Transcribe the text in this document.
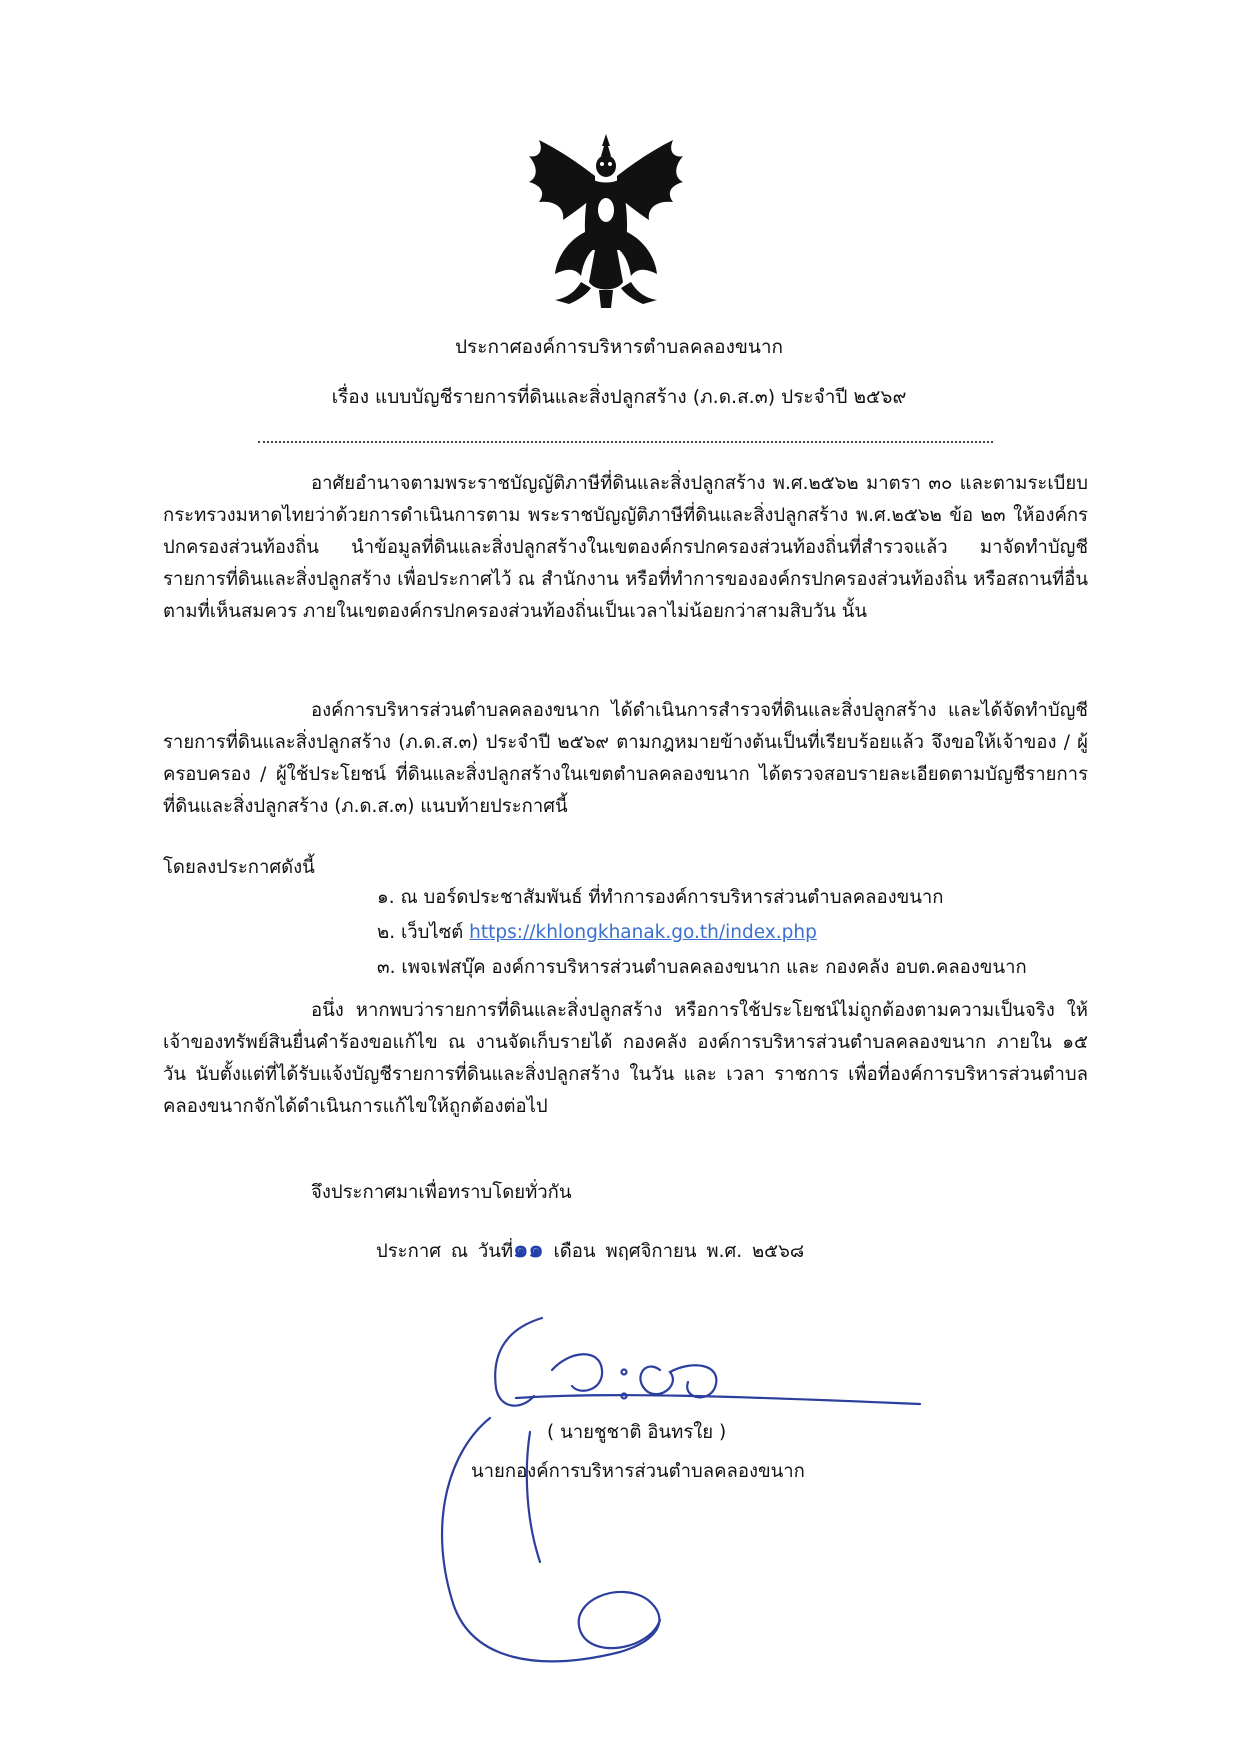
ประกาศองค์การบริหารตำบลคลองขนาก
เรื่อง แบบบัญชีรายการที่ดินและสิ่งปลูกสร้าง (ภ.ด.ส.๓) ประจำปี ๒๕๖๙

อาศัยอำนาจตามพระราชบัญญัติภาษีที่ดินและสิ่งปลูกสร้าง พ.ศ.๒๕๖๒ มาตรา ๓๐ และตามระเบียบกระทรวงมหาดไทยว่าด้วยการดำเนินการตาม พระราชบัญญัติภาษีที่ดินและสิ่งปลูกสร้าง พ.ศ.๒๕๖๒ ข้อ ๒๓ ให้องค์กรปกครองส่วนท้องถิ่น นำข้อมูลที่ดินและสิ่งปลูกสร้างในเขตองค์กรปกครองส่วนท้องถิ่นที่สำรวจแล้ว มาจัดทำบัญชีรายการที่ดินและสิ่งปลูกสร้าง เพื่อประกาศไว้ ณ สำนักงาน หรือที่ทำการขององค์กรปกครองส่วนท้องถิ่น หรือสถานที่อื่นตามที่เห็นสมควร ภายในเขตองค์กรปกครองส่วนท้องถิ่นเป็นเวลาไม่น้อยกว่าสามสิบวัน นั้น

องค์การบริหารส่วนตำบลคลองขนาก ได้ดำเนินการสำรวจที่ดินและสิ่งปลูกสร้าง และได้จัดทำบัญชีรายการที่ดินและสิ่งปลูกสร้าง (ภ.ด.ส.๓) ประจำปี ๒๕๖๙ ตามกฎหมายข้างต้นเป็นที่เรียบร้อยแล้ว จึงขอให้เจ้าของ / ผู้ครอบครอง / ผู้ใช้ประโยชน์ ที่ดินและสิ่งปลูกสร้างในเขตตำบลคลองขนาก ได้ตรวจสอบรายละเอียดตามบัญชีรายการที่ดินและสิ่งปลูกสร้าง (ภ.ด.ส.๓) แนบท้ายประกาศนี้

โดยลงประกาศดังนี้

๑. ณ บอร์ดประชาสัมพันธ์ ที่ทำการองค์การบริหารส่วนตำบลคลองขนาก
๒. เว็บไซต์ https://khlongkhanak.go.th/index.php
๓. เพจเฟสบุ๊ค องค์การบริหารส่วนตำบลคลองขนาก และ กองคลัง อบต.คลองขนาก

อนึ่ง หากพบว่ารายการที่ดินและสิ่งปลูกสร้าง หรือการใช้ประโยชน์ไม่ถูกต้องตามความเป็นจริง ให้เจ้าของทรัพย์สินยื่นคำร้องขอแก้ไข ณ งานจัดเก็บรายได้ กองคลัง องค์การบริหารส่วนตำบลคลองขนาก ภายใน ๑๕ วัน นับตั้งแต่ที่ได้รับแจ้งบัญชีรายการที่ดินและสิ่งปลูกสร้าง ในวัน และ เวลา ราชการ เพื่อที่องค์การบริหารส่วนตำบลคลองขนากจักได้ดำเนินการแก้ไขให้ถูกต้องต่อไป

จึงประกาศมาเพื่อทราบโดยทั่วกัน

ประกาศ ณ วันที่๑๑ เดือน พฤศจิกายน พ.ศ. ๒๕๖๘
( นายชูชาติ อินทรใย )
นายกองค์การบริหารส่วนตำบลคลองขนาก
